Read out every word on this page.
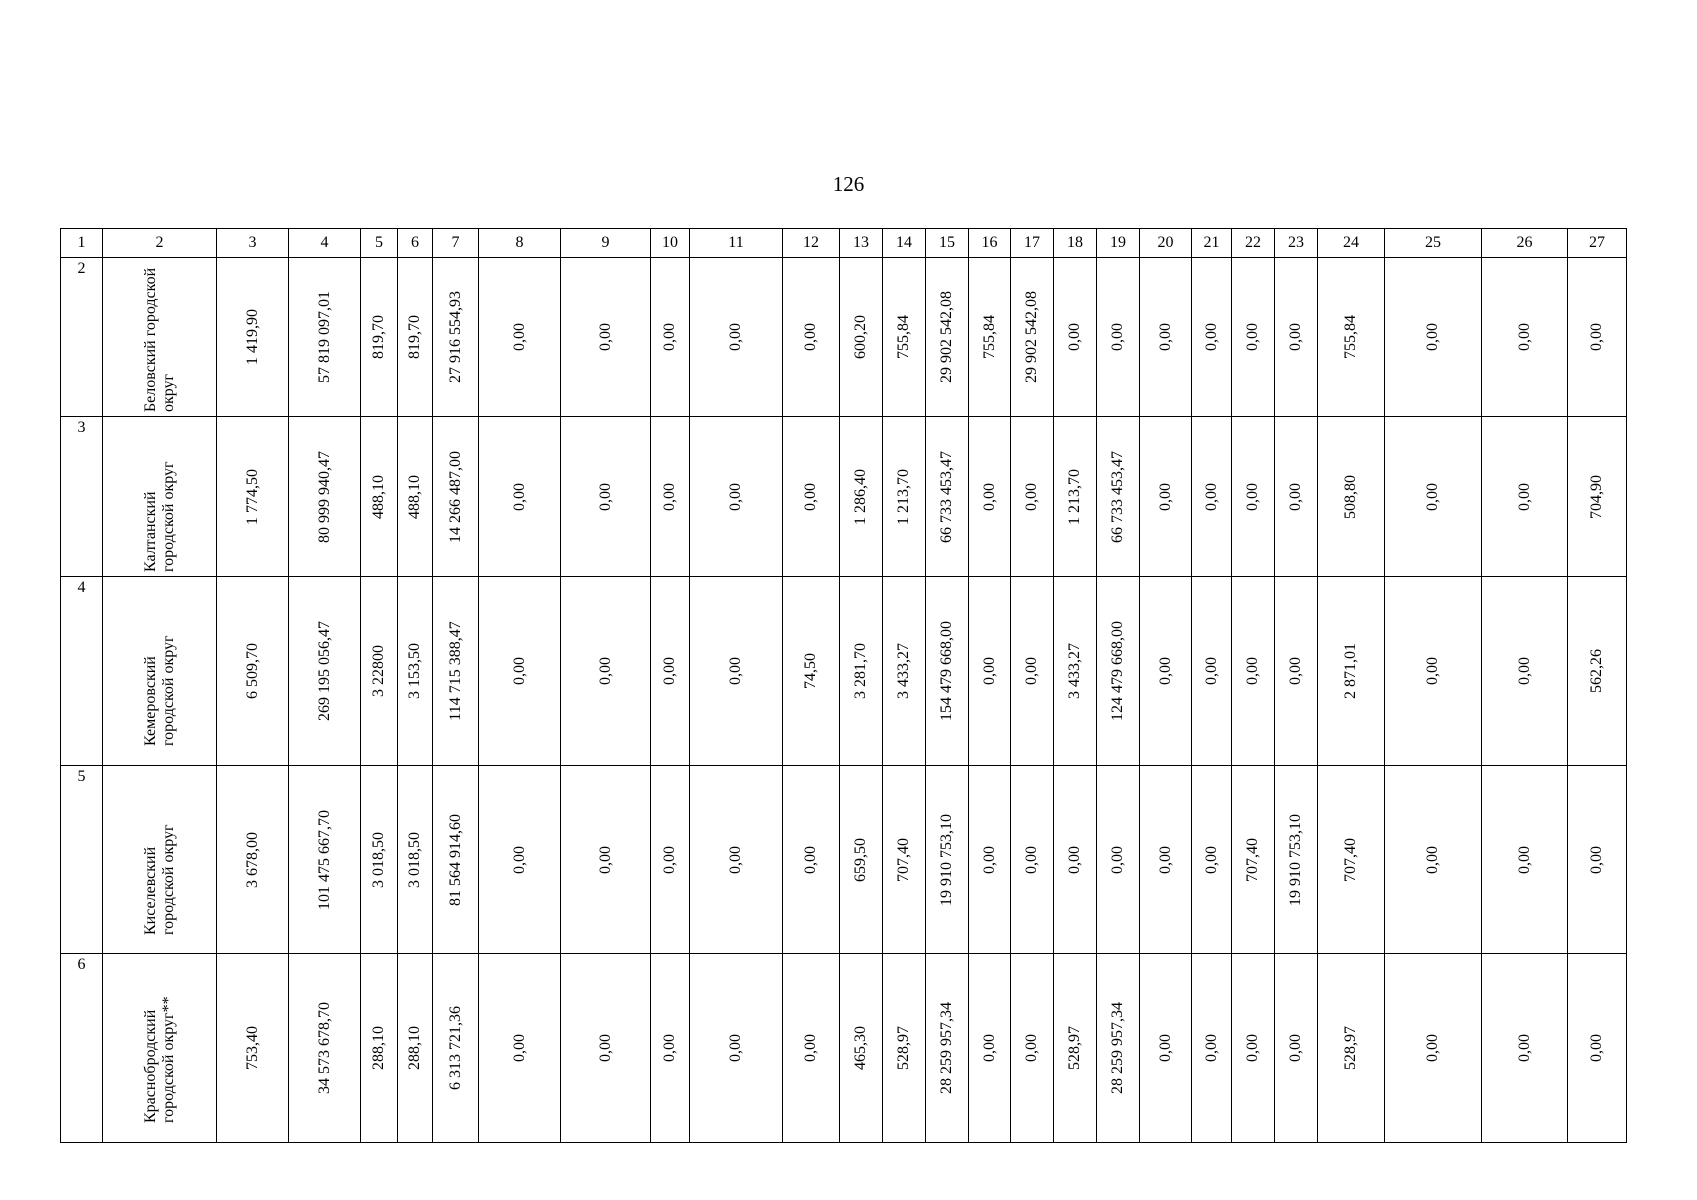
126
1	2	3	4	5	6	7	8	9	10	11	12	13	14	15	16	17	18	19	20	21	22	23	24	25	26	27

2	Беловский городской округ	1 419,90	57 819 097,01	819,70	819,70	27 916 554,93	0,00	0,00	0,00	0,00	0,00	600,20	755,84	29 902 542,08	755,84	29 902 542,08	0,00	0,00	0,00	0,00	0,00	0,00	755,84	0,00	0,00	0,00

3	Калтанский городской округ	1 774,50	80 999 940,47	488,10	488,10	14 266 487,00	0,00	0,00	0,00	0,00	0,00	1 286,40	1 213,70	66 733 453,47	0,00	0,00	1 213,70	66 733 453,47	0,00	0,00	0,00	0,00	508,80	0,00	0,00	704,90

4	Кемеровский городской округ	6 509,70	269 195 056,47	3 22800	3 153,50	114 715 388,47	0,00	0,00	0,00	0,00	74,50	3 281,70	3 433,27	154 479 668,00	0,00	0,00	3 433,27	124 479 668,00	0,00	0,00	0,00	0,00	2 871,01	0,00	0,00	562,26

5	Киселевский городской округ	3 678,00	101 475 667,70	3 018,50	3 018,50	81 564 914,60	0,00	0,00	0,00	0,00	0,00	659,50	707,40	19 910 753,10	0,00	0,00	0,00	0,00	0,00	0,00	707,40	19 910 753,10	707,40	0,00	0,00	0,00

6	Краснобродский городской округ**	753,40	34 573 678,70	288,10	288,10	6 313 721,36	0,00	0,00	0,00	0,00	0,00	465,30	528,97	28 259 957,34	0,00	0,00	528,97	28 259 957,34	0,00	0,00	0,00	0,00	528,97	0,00	0,00	0,00
